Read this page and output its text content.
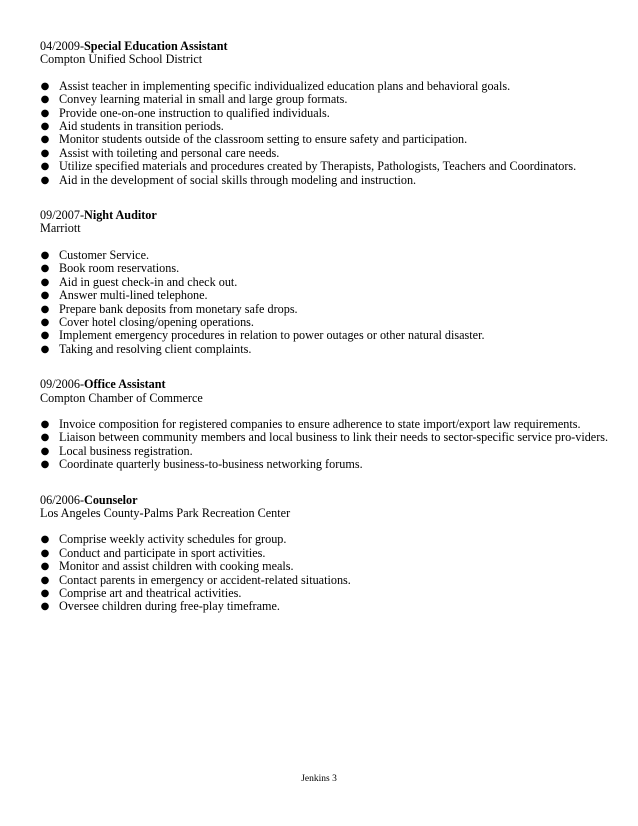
04/2009-Special Education Assistant

Compton Unified School District

● Assist teacher in implementing specific individualized education plans and behavioral goals.
● Convey learning material in small and large group formats.
● Provide one-on-one instruction to qualified individuals.
● Aid students in transition periods.
● Monitor students outside of the classroom setting to ensure safety and participation.
● Assist with toileting and personal care needs.
● Utilize specified materials and procedures created by Therapists, Pathologists, Teachers and Coordinators.
● Aid in the development of social skills through modeling and instruction.

09/2007-Night Auditor

Marriott

● Customer Service.
● Book room reservations.
● Aid in guest check-in and check out.
● Answer multi-lined telephone.
● Prepare bank deposits from monetary safe drops.
● Cover hotel closing/opening operations.
● Implement emergency procedures in relation to power outages or other natural disaster.
● Taking and resolving client complaints.

09/2006-Office Assistant

Compton Chamber of Commerce

● Invoice composition for registered companies to ensure adherence to state import/export law requirements.
● Liaison between community members and local business to link their needs to sector-specific service pro-viders.
● Local business registration.
● Coordinate quarterly business-to-business networking forums.

06/2006-Counselor

Los Angeles County-Palms Park Recreation Center

● Comprise weekly activity schedules for group.
● Conduct and participate in sport activities.
● Monitor and assist children with cooking meals.
● Contact parents in emergency or accident-related situations.
● Comprise art and theatrical activities.
● Oversee children during free-play timeframe.
Jenkins 3
